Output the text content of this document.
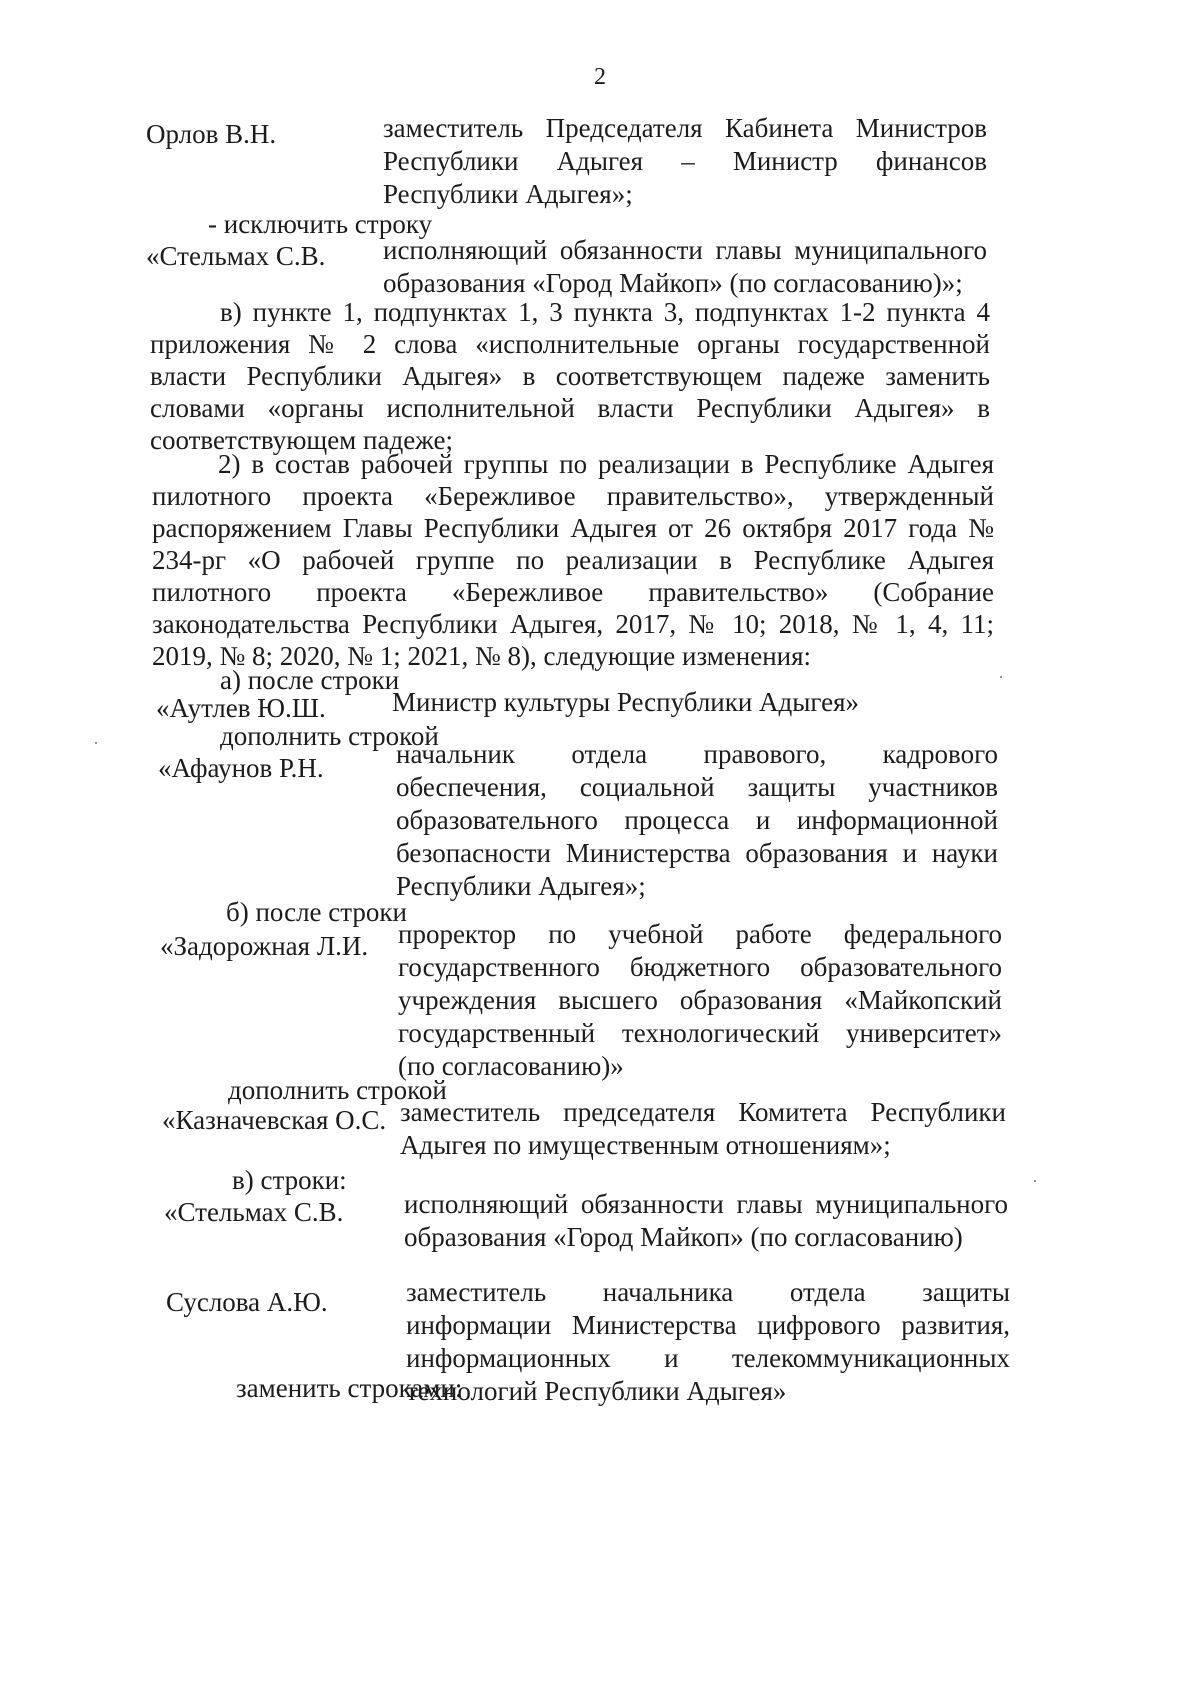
2
Орлов В.Н.	заместитель Председателя Кабинета Министров Республики Адыгея – Министр финансов Республики Адыгея»;
- исключить строку
«Стельмах С.В. исполняющий обязанности главы муниципального образования «Город Майкоп» (по согласованию)»;
в) пункте 1, подпунктах 1, 3 пункта 3, подпунктах 1-2 пункта 4 приложения № 2 слова «исполнительные органы государственной власти Республики Адыгея» в соответствующем падеже заменить словами «органы исполнительной власти Республики Адыгея» в соответствующем падеже;
2) в состав рабочей группы по реализации в Республике Адыгея пилотного проекта «Бережливое правительство», утвержденный распоряжением Главы Республики Адыгея от 26 октября 2017 года № 234-рг «О рабочей группе по реализации в Республике Адыгея пилотного проекта «Бережливое правительство» (Собрание законодательства Республики Адыгея, 2017, № 10; 2018, № 1, 4, 11; 2019, № 8; 2020, № 1; 2021, № 8), следующие изменения:
а) после строки
«Аутлев Ю.Ш. Министр культуры Республики Адыгея»
дополнить строкой
«Афаунов Р.Н.	начальник отдела правового, кадрового обеспечения, социальной защиты участников образовательного процесса и информационной безопасности Министерства образования и науки Республики Адыгея»;
б) после строки
«Задорожная Л.И. проректор по учебной работе федерального государственного бюджетного образовательного учреждения высшего образования «Майкопский государственный технологический университет» (по согласованию)»
дополнить строкой
«Казначевская О.С. заместитель председателя Комитета Республики Адыгея по имущественным отношениям»;
в) строки:
«Стельмах С.В. исполняющий обязанности главы муниципального образования «Город Майкоп» (по согласованию)
Суслова А.Ю.	заместитель начальника отдела защиты информации Министерства цифрового развития, информационных и телекоммуникационных технологий Республики Адыгея»
заменить строками:
